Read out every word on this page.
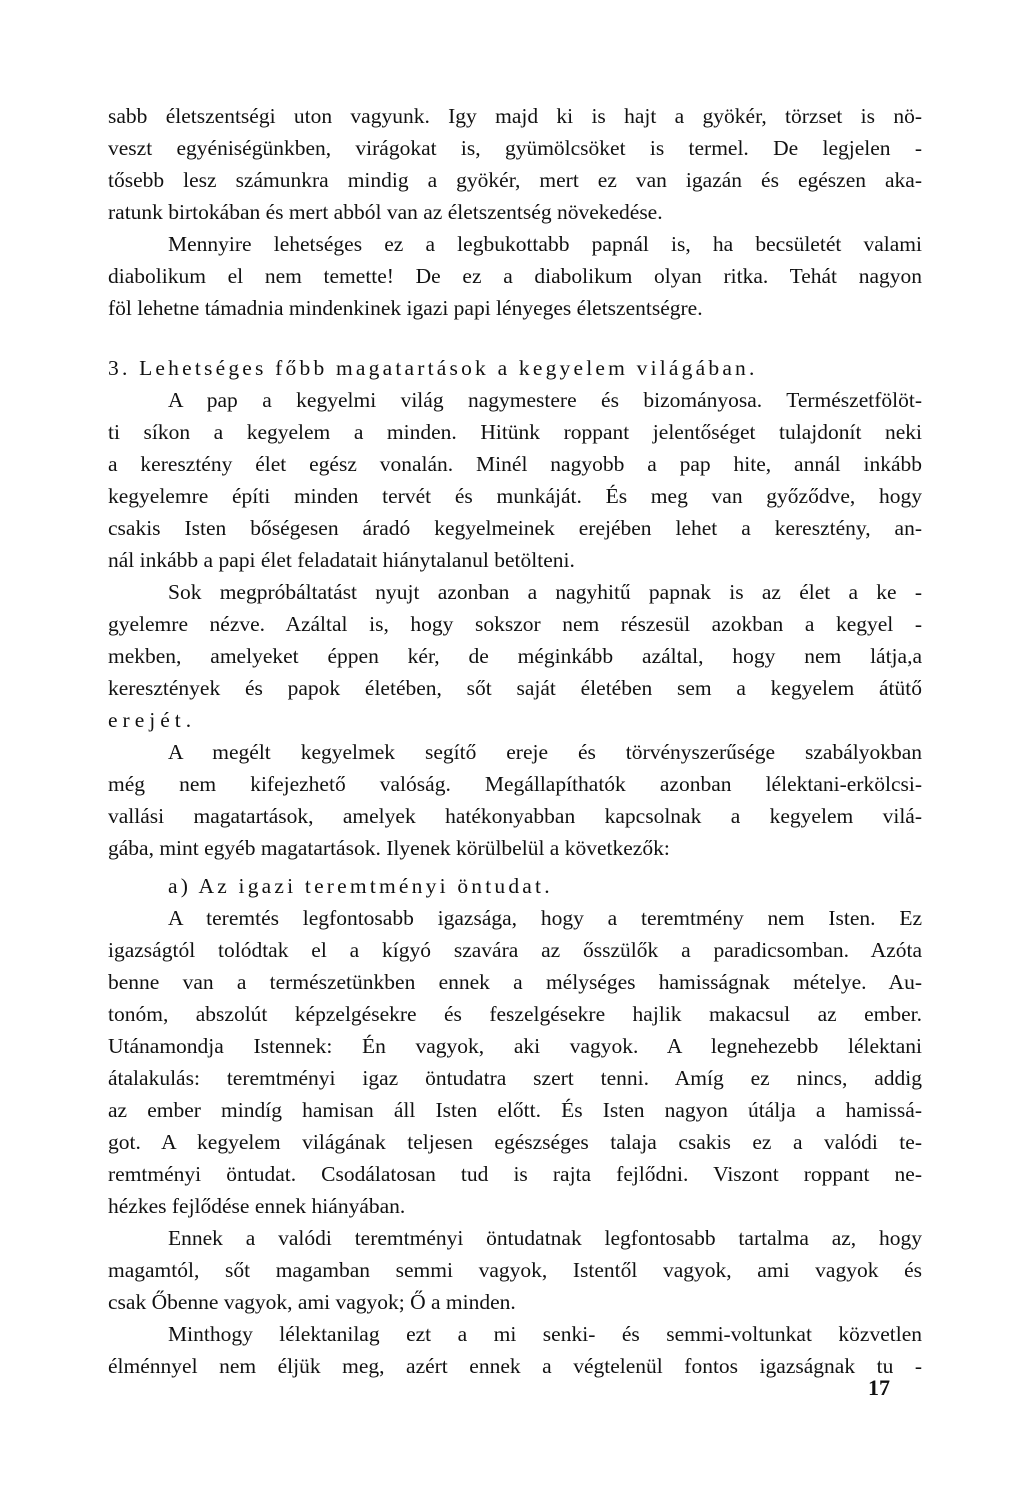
sabb életszentségi uton vagyunk. Igy majd ki is hajt a gyökér, törzset is nö-
veszt egyéniségünkben, virágokat is, gyümölcsöket is termel. De legjelen -
tősebb lesz számunkra mindig a gyökér, mert ez van igazán és egészen aka-
ratunk birtokában és mert abból van az életszentség növekedése.
Mennyire lehetséges ez a legbukottabb papnál is, ha becsületét valami
diabolikum el nem temette! De ez a diabolikum olyan ritka. Tehát nagyon
föl lehetne támadnia mindenkinek igazi papi lényeges életszentségre.
3. Lehetséges főbb magatartások a kegyelem világában.
A pap a kegyelmi világ nagymestere és bizományosa. Természetfölöt-
ti síkon a kegyelem a minden. Hitünk roppant jelentőséget tulajdonít neki
a keresztény élet egész vonalán. Minél nagyobb a pap hite, annál inkább
kegyelemre építi minden tervét és munkáját. És meg van győződve, hogy
csakis Isten bőségesen áradó kegyelmeinek erejében lehet a keresztény, an-
nál inkább a papi élet feladatait hiánytalanul betölteni.
Sok megpróbáltatást nyujt azonban a nagyhitű papnak is az élet a ke -
gyelemre nézve. Azáltal is, hogy sokszor nem részesül azokban a kegyel -
mekben, amelyeket éppen kér, de méginkább azáltal, hogy nem látja,a
keresztények és papok életében, sőt saját életében sem a kegyelem átütő
erejét.
A megélt kegyelmek segítő ereje és törvényszerűsége szabályokban
még nem kifejezhető valóság. Megállapíthatók azonban lélektani-erkölcsi-
vallási magatartások, amelyek hatékonyabban kapcsolnak a kegyelem vilá-
gába, mint egyéb magatartások. Ilyenek körülbelül a következők:
a) Az igazi teremtményi öntudat.
A teremtés legfontosabb igazsága, hogy a teremtmény nem Isten. Ez
igazságtól tolódtak el a kígyó szavára az ősszülők a paradicsomban. Azóta
benne van a természetünkben ennek a mélységes hamisságnak mételye. Au-
tonóm, abszolút képzelgésekre és feszelgésekre hajlik makacsul az ember.
Utánamondja Istennek: Én vagyok, aki vagyok. A legnehezebb lélektani
átalakulás: teremtményi igaz öntudatra szert tenni. Amíg ez nincs, addig
az ember mindíg hamisan áll Isten előtt. És Isten nagyon útálja a hamissá-
got. A kegyelem világának teljesen egészséges talaja csakis ez a valódi te-
remtményi öntudat. Csodálatosan tud is rajta fejlődni. Viszont roppant ne-
hézkes fejlődése ennek hiányában.
Ennek a valódi teremtményi öntudatnak legfontosabb tartalma az, hogy
magamtól, sőt magamban semmi vagyok, Istentől vagyok, ami vagyok és
csak Őbenne vagyok, ami vagyok; Ő a minden.
Minthogy lélektanilag ezt a mi senki- és semmi-voltunkat közvetlen
élménnyel nem éljük meg, azért ennek a végtelenül fontos igazságnak tu -
17
